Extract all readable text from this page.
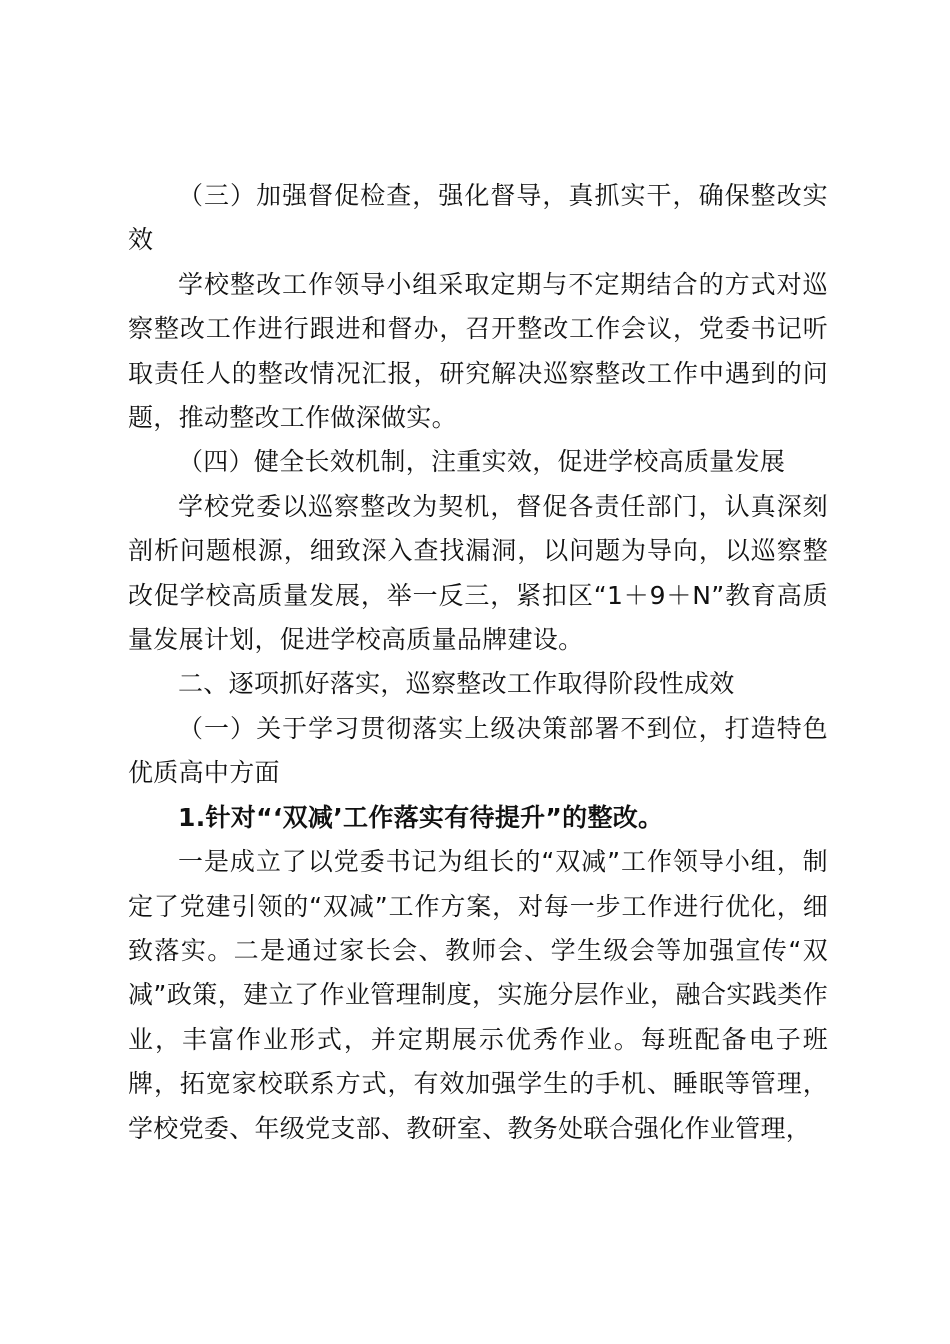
（三）加强督促检查，强化督导，真抓实干，确保整改实效

学校整改工作领导小组采取定期与不定期结合的方式对巡察整改工作进行跟进和督办，召开整改工作会议，党委书记听取责任人的整改情况汇报，研究解决巡察整改工作中遇到的问题，推动整改工作做深做实。

（四）健全长效机制，注重实效，促进学校高质量发展

学校党委以巡察整改为契机，督促各责任部门，认真深刻剖析问题根源，细致深入查找漏洞，以问题为导向，以巡察整改促学校高质量发展，举一反三，紧扣区“1＋9＋N”教育高质量发展计划，促进学校高质量品牌建设。

二、逐项抓好落实，巡察整改工作取得阶段性成效

（一）关于学习贯彻落实上级决策部署不到位，打造特色优质高中方面

1.针对“‘双减’工作落实有待提升”的整改。

一是成立了以党委书记为组长的“双减”工作领导小组，制定了党建引领的“双减”工作方案，对每一步工作进行优化，细致落实。二是通过家长会、教师会、学生级会等加强宣传“双减”政策，建立了作业管理制度，实施分层作业，融合实践类作业，丰富作业形式，并定期展示优秀作业。每班配备电子班牌，拓宽家校联系方式，有效加强学生的手机、睡眠等管理，学校党委、年级党支部、教研室、教务处联合强化作业管理，
